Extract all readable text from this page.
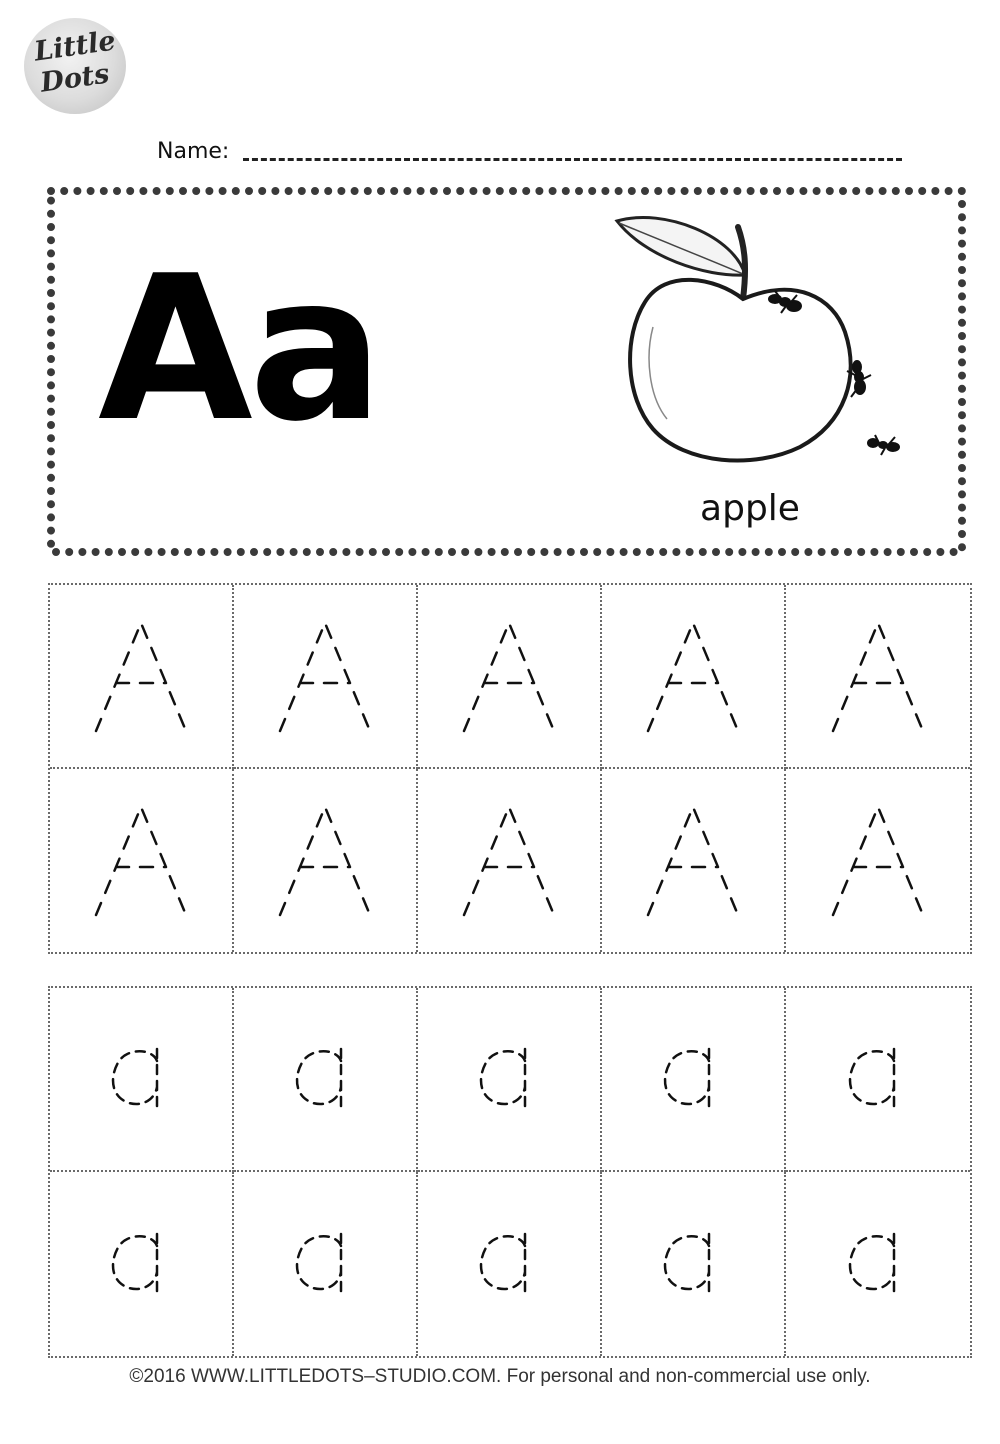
Little
Dots
Name:
Aa
apple
©2016 WWW.LITTLEDOTS–STUDIO.COM. For personal and non-commercial use only.
